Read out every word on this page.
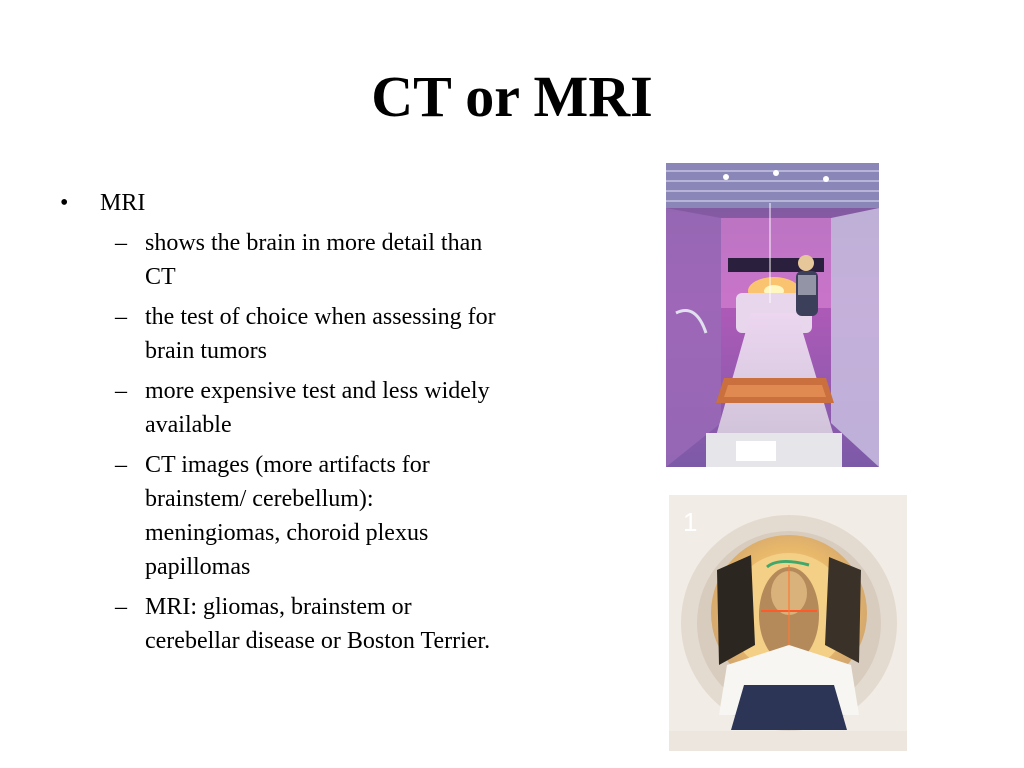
CT or MRI
• MRI
– shows the brain in more detail than CT
– the test of choice when assessing for brain tumors
– more expensive test and less widely available
– CT images (more artifacts for brainstem/ cerebellum): meningiomas, choroid plexus papillomas
– MRI: gliomas, brainstem or cerebellar disease or Boston Terrier.
1
